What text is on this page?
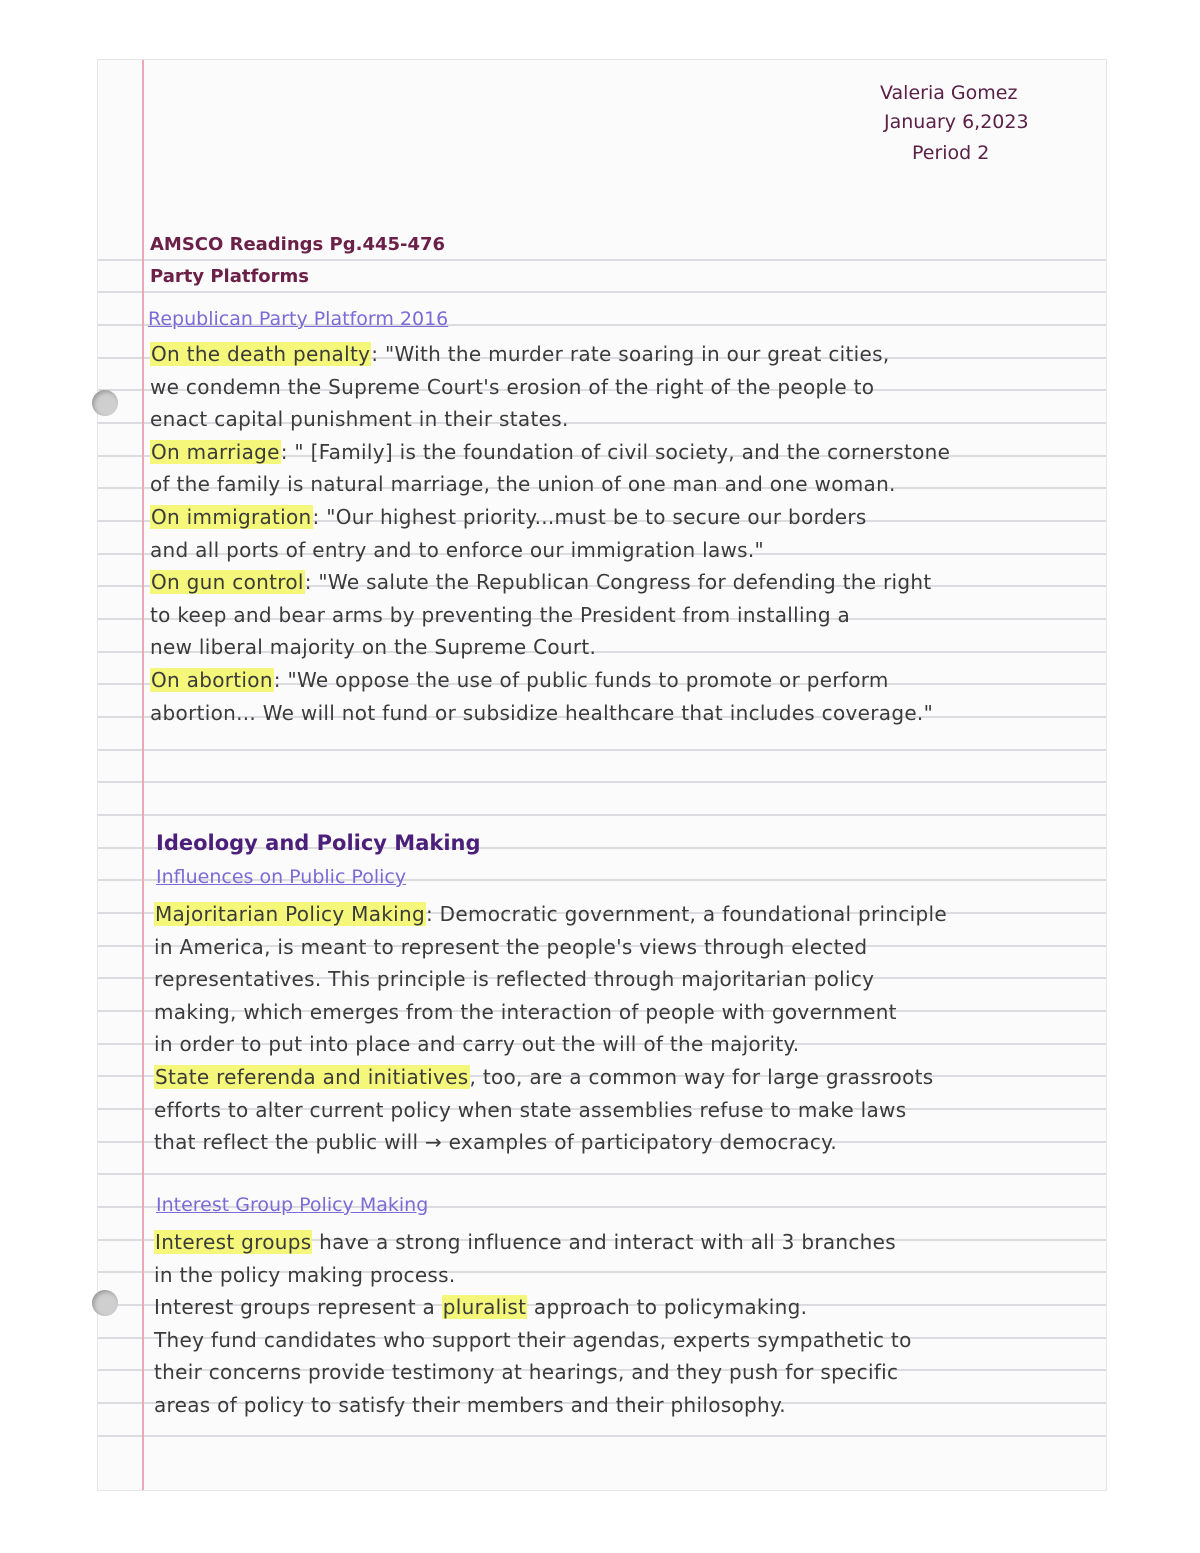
Valeria Gomez
January 6,2023
Period 2
AMSCO Readings Pg.445-476
Party Platforms
Republican Party Platform 2016
On the death penalty: "With the murder rate soaring in our great cities,
we condemn the Supreme Court's erosion of the right of the people to
enact capital punishment in their states.
On marriage: " [Family] is the foundation of civil society, and the cornerstone
of the family is natural marriage, the union of one man and one woman.
On immigration: "Our highest priority...must be to secure our borders
and all ports of entry and to enforce our immigration laws."
On gun control: "We salute the Republican Congress for defending the right
to keep and bear arms by preventing the President from installing a
new liberal majority on the Supreme Court.
On abortion: "We oppose the use of public funds to promote or perform
abortion... We will not fund or subsidize healthcare that includes coverage."
Ideology and Policy Making
Influences on Public Policy
Majoritarian Policy Making: Democratic government, a foundational principle
in America, is meant to represent the people's views through elected
representatives. This principle is reflected through majoritarian policy
making, which emerges from the interaction of people with government
in order to put into place and carry out the will of the majority.
State referenda and initiatives, too, are a common way for large grassroots
efforts to alter current policy when state assemblies refuse to make laws
that reflect the public will → examples of participatory democracy.
Interest Group Policy Making
Interest groups have a strong influence and interact with all 3 branches
in the policy making process.
Interest groups represent a pluralist approach to policymaking.
They fund candidates who support their agendas, experts sympathetic to
their concerns provide testimony at hearings, and they push for specific
areas of policy to satisfy their members and their philosophy.
